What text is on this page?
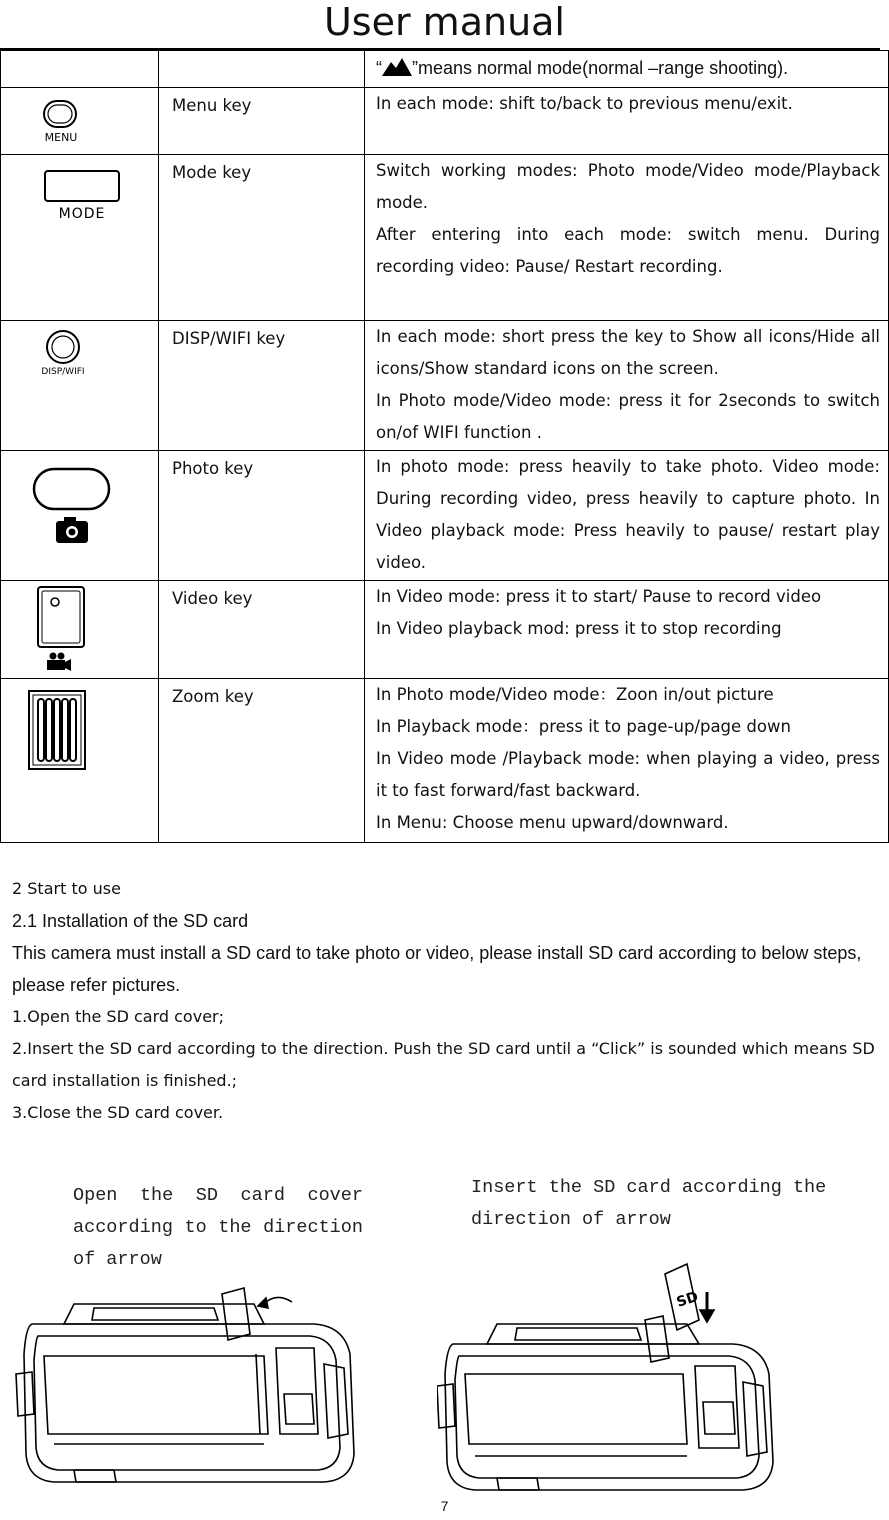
User manual

		“ ”means normal mode(normal –range shooting).

MENU	Menu key	In each mode: shift to/back to previous menu/exit.

MODE	Mode key	Switch working modes: Photo mode/Video mode/Playback mode.

After entering into each mode: switch menu. During recording video: Pause/ Restart recording.

DISP/WIFI	DISP/WIFI key	In each mode: short press the key to Show all icons/Hide all icons/Show standard icons on the screen.

In Photo mode/Video mode: press it for 2seconds to switch on/of WIFI function .

	Photo key	In photo mode: press heavily to take photo. Video mode: During recording video, press heavily to capture photo. In Video playback mode: Press heavily to pause/ restart play video.

	Video key	In Video mode: press it to start/ Pause to record video

In Video playback mod: press it to stop recording

	Zoom key	In Photo mode/Video mode：Zoon in/out picture

In Playback mode：press it to page-up/page down

In Video mode /Playback mode: when playing a video, press it to fast forward/fast backward.

In Menu: Choose menu upward/downward.

2 Start to use
2.1 Installation of the SD card
This camera must install a SD card to take photo or video, please install SD card according to below steps, please refer pictures.
1.Open the SD card cover;
2.Insert the SD card according to the direction. Push the SD card until a “Click” is sounded which means SD card installation is finished.;
3.Close the SD card cover.
Open the SD card cover according to the direction of arrow
Insert the SD card according the direction of arrow
SD
7
